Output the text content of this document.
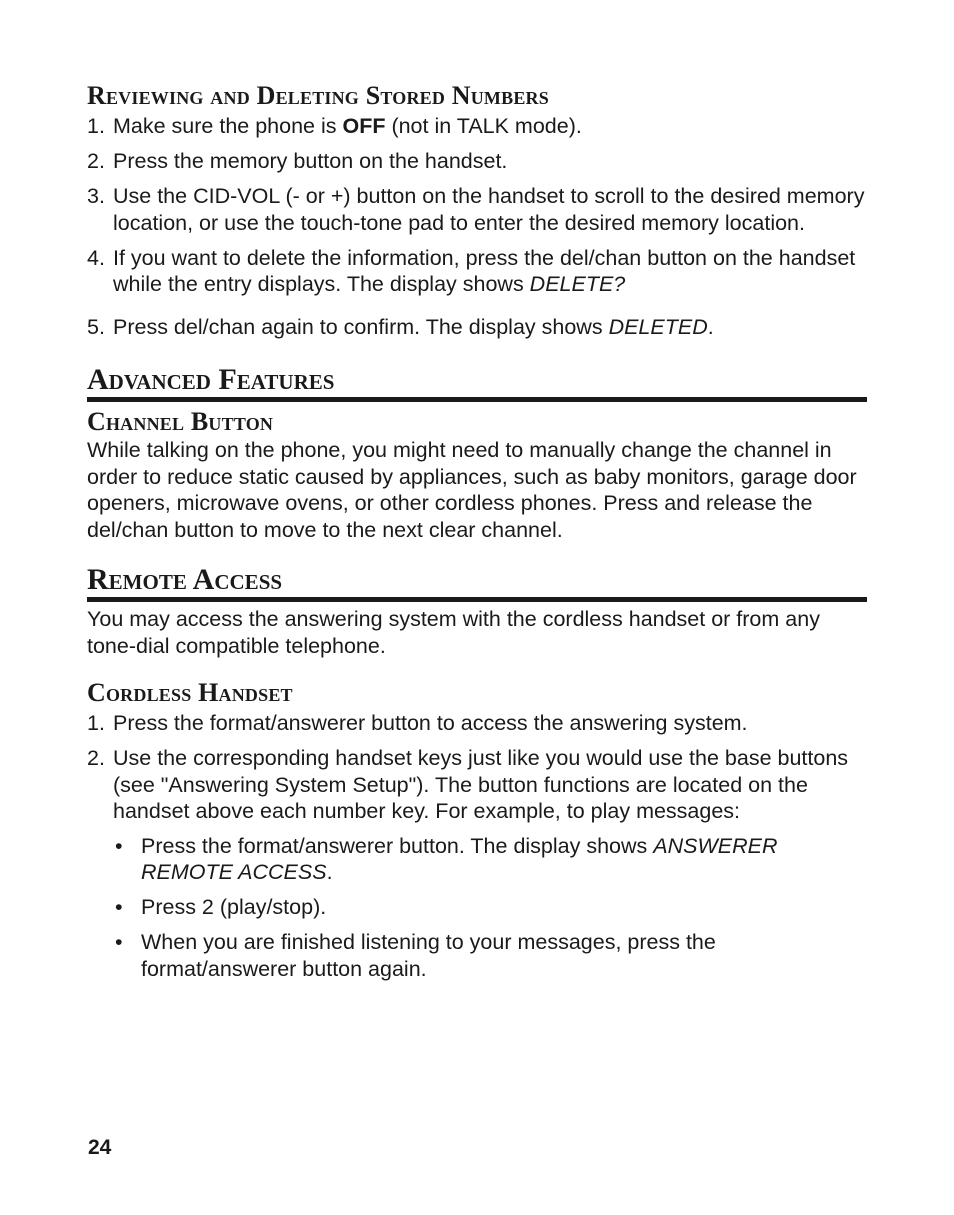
Reviewing and Deleting Stored Numbers
1. Make sure the phone is OFF (not in TALK mode).
2. Press the memory button on the handset.
3. Use the CID-VOL (- or +) button on the handset to scroll to the desired memory location, or use the touch-tone pad to enter the desired memory location.
4. If you want to delete the information, press the del/chan button on the handset while the entry displays. The display shows DELETE?
5. Press del/chan again to confirm. The display shows DELETED.
Advanced Features
Channel Button

While talking on the phone, you might need to manually change the channel in order to reduce static caused by appliances, such as baby monitors, garage door openers, microwave ovens, or other cordless phones. Press and release the del/chan button to move to the next clear channel.

Remote Access

You may access the answering system with the cordless handset or from any tone-dial compatible telephone.

Cordless Handset
1. Press the format/answerer button to access the answering system.
2. Use the corresponding handset keys just like you would use the base buttons (see "Answering System Setup"). The button functions are located on the handset above each number key. For example, to play messages:
• Press the format/answerer button. The display shows ANSWERER REMOTE ACCESS.
• Press 2 (play/stop).
• When you are finished listening to your messages, press the format/answerer button again.
24
